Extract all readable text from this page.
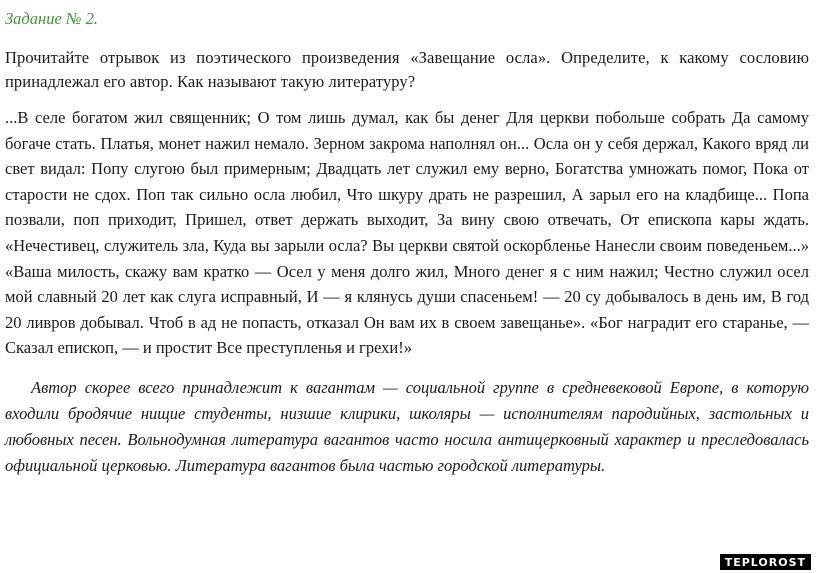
Задание № 2.

Прочитайте отрывок из поэтического произведения «Завещание осла». Определите, к какому сословию принадлежал его автор. Как называют такую литературу?

...В селе богатом жил священник; О том лишь думал, как бы денег Для церкви побольше собрать Да самому богаче стать. Платья, монет нажил немало. Зерном закрома наполнял он... Осла он у себя держал, Какого вряд ли свет видал: Попу слугою был примерным; Двадцать лет служил ему верно, Богатства умножать помог, Пока от старости не сдох. Поп так сильно осла любил, Что шкуру драть не разрешил, А зарыл его на кладбище... Попа позвали, поп приходит, Пришел, ответ держать выходит, За вину свою отвечать, От епископа кары ждать. «Нечестивец, служитель зла, Куда вы зарыли осла? Вы церкви святой оскорбленье Нанесли своим поведеньем...» «Ваша милость, скажу вам кратко — Осел у меня долго жил, Много денег я с ним нажил; Честно служил осел мой славный 20 лет как слуга исправный, И — я клянусь души спасеньем! — 20 су добывалось в день им, В год 20 ливров добывал. Чтоб в ад не попасть, отказал Он вам их в своем завещанье». «Бог наградит его старанье, — Сказал епископ, — и простит Все преступленья и грехи!»

Автор скорее всего принадлежит к вагантам — социальной группе в средневековой Европе, в которую входили бродячие нищие студенты, низшие клирики, школяры — исполнителям пародийных, застольных и любовных песен. Вольнодумная литература вагантов часто носила антицерковный характер и преследовалась официальной церковью. Литература вагантов была частью городской литературы.

TEPLOROST
